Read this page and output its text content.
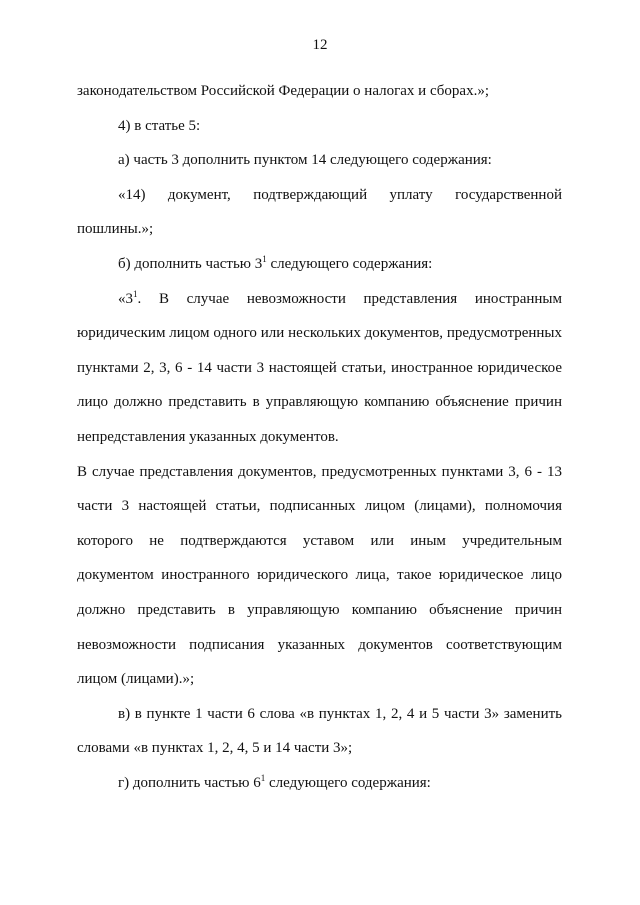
12

законодательством Российской Федерации о налогах и сборах.»;

4) в статье 5:

а) часть 3 дополнить пунктом 14 следующего содержания:

«14) документ, подтверждающий уплату государственной пошлины.»;

б) дополнить частью $3^1$ следующего содержания:

«$3^1$. В случае невозможности представления иностранным юридическим лицом одного или нескольких документов, предусмотренных пунктами 2, 3, 6 - 14 части 3 настоящей статьи, иностранное юридическое лицо должно представить в управляющую компанию объяснение причин непредставления указанных документов.

В случае представления документов, предусмотренных пунктами 3, 6 - 13 части 3 настоящей статьи, подписанных лицом (лицами), полномочия которого не подтверждаются уставом или иным учредительным документом иностранного юридического лица, такое юридическое лицо должно представить в управляющую компанию объяснение причин невозможности подписания указанных документов соответствующим лицом (лицами).»;

в) в пункте 1 части 6 слова «в пунктах 1, 2, 4 и 5 части 3» заменить словами «в пунктах 1, 2, 4, 5 и 14 части 3»;

г) дополнить частью $6^1$ следующего содержания:
